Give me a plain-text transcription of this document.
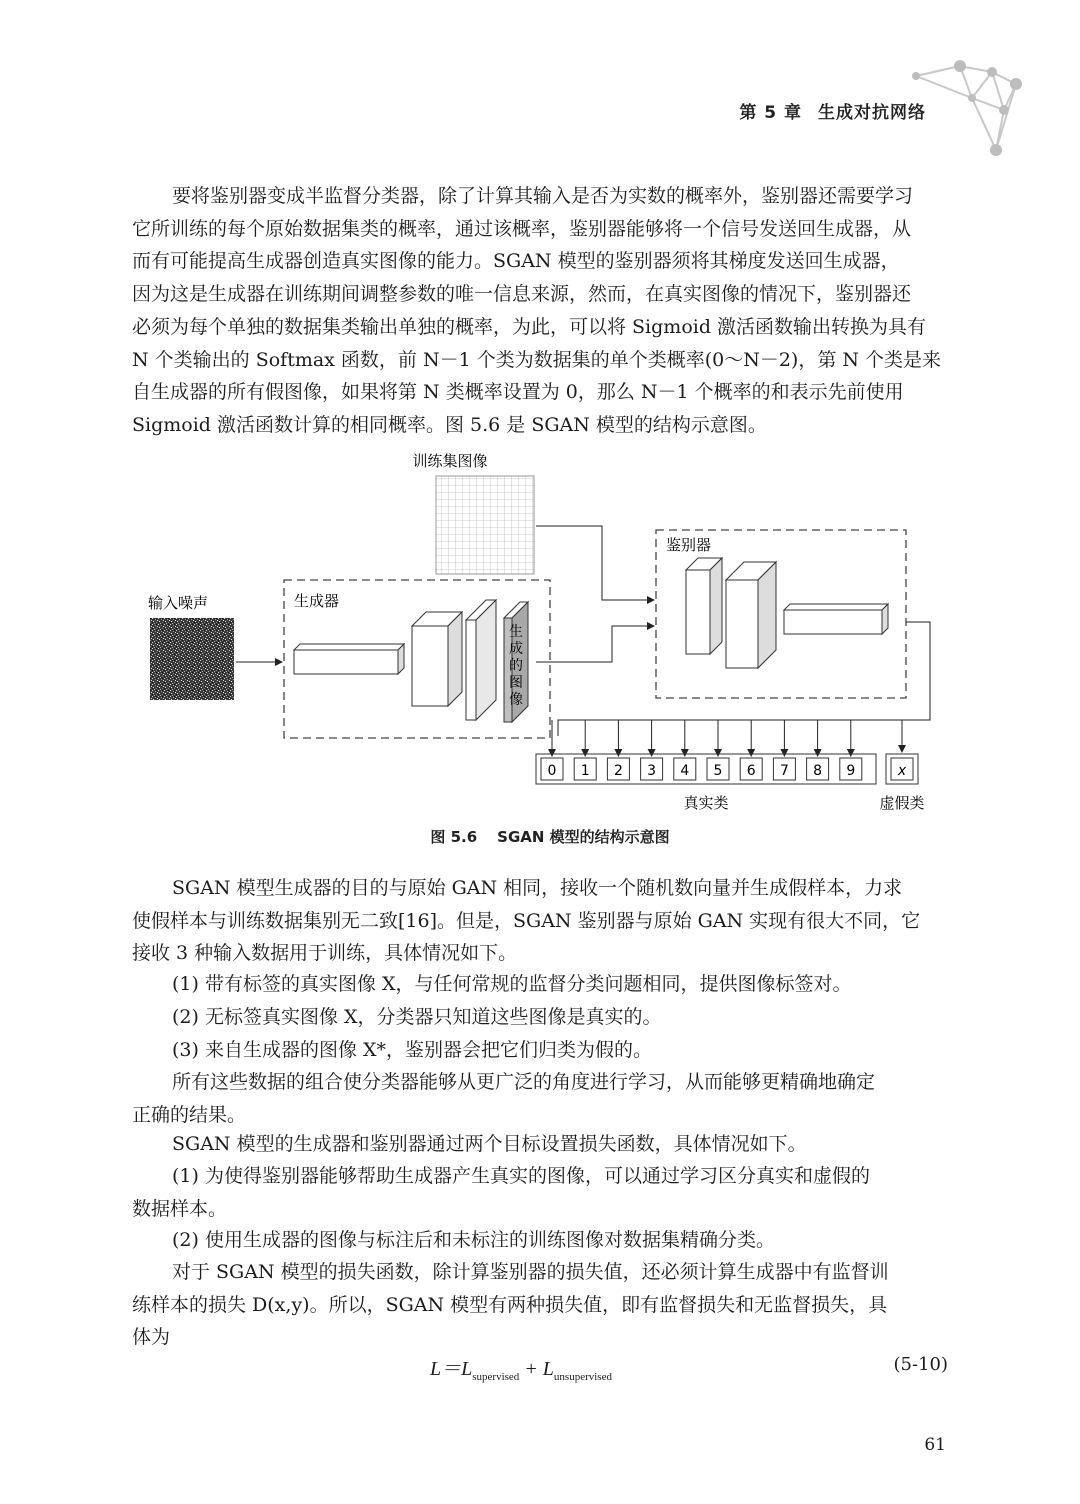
第 5 章 生成对抗网络
要将鉴别器变成半监督分类器，除了计算其输入是否为实数的概率外，鉴别器还需要学习
它所训练的每个原始数据集类的概率，通过该概率，鉴别器能够将一个信号发送回生成器，从
而有可能提高生成器创造真实图像的能力。SGAN 模型的鉴别器须将其梯度发送回生成器，
因为这是生成器在训练期间调整参数的唯一信息来源，然而，在真实图像的情况下，鉴别器还
必须为每个单独的数据集类输出单独的概率，为此，可以将 Sigmoid 激活函数输出转换为具有
N 个类输出的 Softmax 函数，前 N－1 个类为数据集的单个类概率(0～N－2)，第 N 个类是来
自生成器的所有假图像，如果将第 N 类概率设置为 0，那么 N－1 个概率的和表示先前使用
Sigmoid 激活函数计算的相同概率。图 5.6 是 SGAN 模型的结构示意图。
训练集图像
输入噪声	生成器
生
成
的
图
像
鉴别器
0 1 2 3 4 5 6 7 8 9	x
真实类	虚假类
图 5.6 SGAN 模型的结构示意图
SGAN 模型生成器的目的与原始 GAN 相同，接收一个随机数向量并生成假样本，力求
使假样本与训练数据集别无二致[16]。但是，SGAN 鉴别器与原始 GAN 实现有很大不同，它
接收 3 种输入数据用于训练，具体情况如下。
(1) 带有标签的真实图像 X，与任何常规的监督分类问题相同，提供图像标签对。
(2) 无标签真实图像 X，分类器只知道这些图像是真实的。
(3) 来自生成器的图像 X*，鉴别器会把它们归类为假的。
所有这些数据的组合使分类器能够从更广泛的角度进行学习，从而能够更精确地确定
正确的结果。
SGAN 模型的生成器和鉴别器通过两个目标设置损失函数，具体情况如下。
(1) 为使得鉴别器能够帮助生成器产生真实的图像，可以通过学习区分真实和虚假的
数据样本。
(2) 使用生成器的图像与标注后和未标注的训练图像对数据集精确分类。
对于 SGAN 模型的损失函数，除计算鉴别器的损失值，还必须计算生成器中有监督训
练样本的损失 D(x,y)。所以，SGAN 模型有两种损失值，即有监督损失和无监督损失，具
体为
$L=L_{supervised} + L_{unsupervised}$
(5-10)
61
